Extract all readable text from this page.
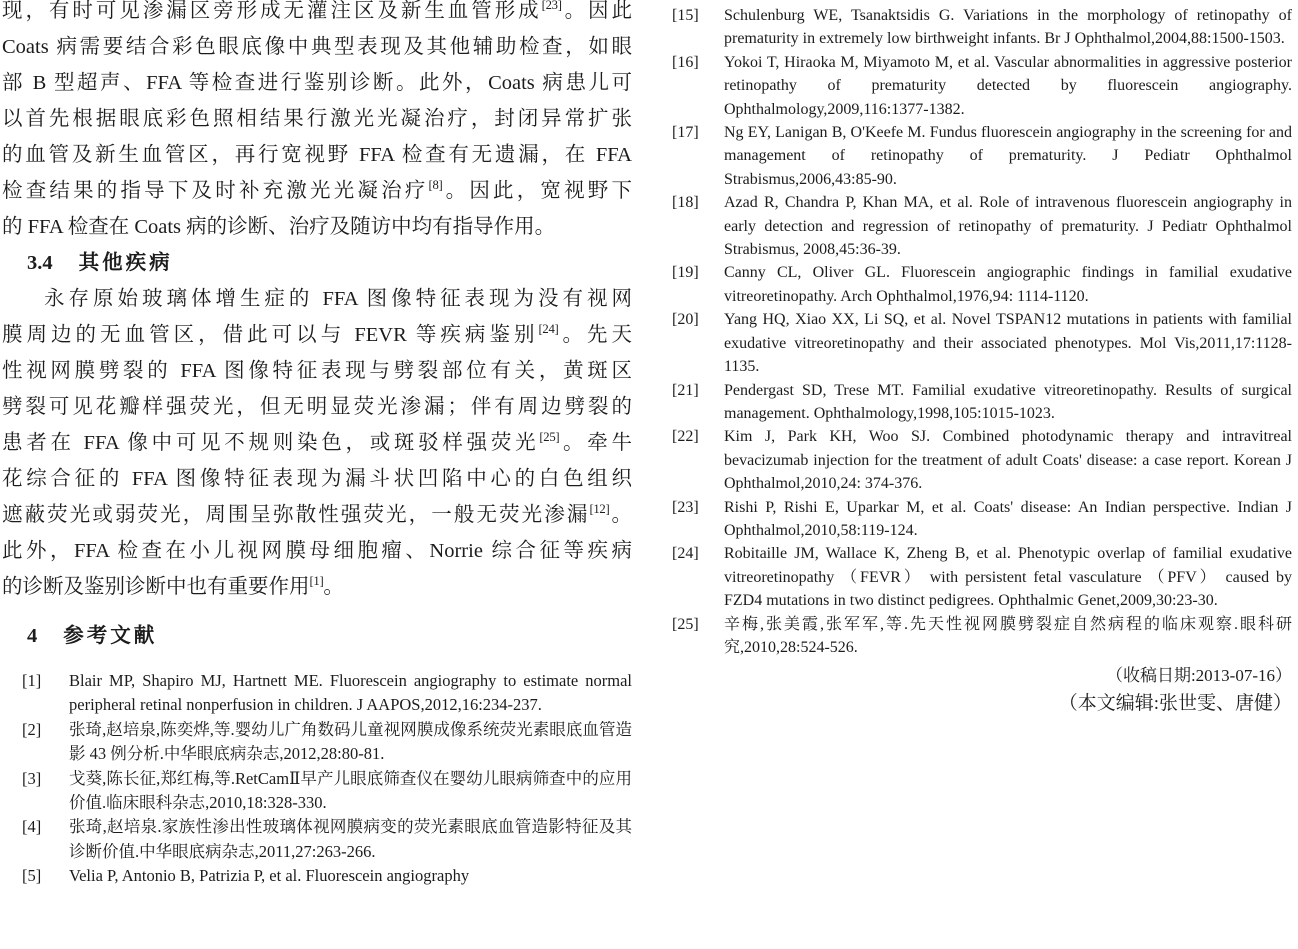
现，有时可见渗漏区旁形成无灌注区及新生血管形成[23]。因此
Coats 病需要结合彩色眼底像中典型表现及其他辅助检查，如眼
部 B 型超声、FFA 等检查进行鉴别诊断。此外，Coats 病患儿可
以首先根据眼底彩色照相结果行激光光凝治疗，封闭异常扩张
的血管及新生血管区，再行宽视野 FFA 检查有无遗漏，在 FFA
检查结果的指导下及时补充激光光凝治疗[8]。因此，宽视野下
的 FFA 检查在 Coats 病的诊断、治疗及随访中均有指导作用。
3.4 其他疾病
永存原始玻璃体增生症的 FFA 图像特征表现为没有视网
膜周边的无血管区，借此可以与 FEVR 等疾病鉴别[24]。先天
性视网膜劈裂的 FFA 图像特征表现与劈裂部位有关，黄斑区
劈裂可见花瓣样强荧光，但无明显荧光渗漏；伴有周边劈裂的
患者在 FFA 像中可见不规则染色，或斑驳样强荧光[25]。牵牛
花综合征的 FFA 图像特征表现为漏斗状凹陷中心的白色组织
遮蔽荧光或弱荧光，周围呈弥散性强荧光，一般无荧光渗漏[12]。
此外，FFA 检查在小儿视网膜母细胞瘤、Norrie 综合征等疾病
的诊断及鉴别诊断中也有重要作用[1]。
4 参考文献
[1]	Blair MP, Shapiro MJ, Hartnett ME. Fluorescein angiography to estimate normal peripheral retinal nonperfusion in children. J AAPOS,2012,16:234-237.
[2]	张琦,赵培泉,陈奕烨,等.婴幼儿广角数码儿童视网膜成像系统荧光素眼底血管造影 43 例分析.中华眼底病杂志,2012,28:80-81.
[3]	戈葵,陈长征,郑红梅,等.RetCamⅡ早产儿眼底筛查仪在婴幼儿眼病筛查中的应用价值.临床眼科杂志,2010,18:328-330.
[4]	张琦,赵培泉.家族性渗出性玻璃体视网膜病变的荧光素眼底血管造影特征及其诊断价值.中华眼底病杂志,2011,27:263-266.
[5]	Velia P, Antonio B, Patrizia P, et al. Fluorescein angiography
[15]	Schulenburg WE, Tsanaktsidis G. Variations in the morphology of retinopathy of prematurity in extremely low birthweight infants. Br J Ophthalmol,2004,88:1500-1503.
[16]	Yokoi T, Hiraoka M, Miyamoto M, et al. Vascular abnormalities in aggressive posterior retinopathy of prematurity detected by fluorescein angiography. Ophthalmology,2009,116:1377-1382.
[17]	Ng EY, Lanigan B, O'Keefe M. Fundus fluorescein angiography in the screening for and management of retinopathy of prematurity. J Pediatr Ophthalmol Strabismus,2006,43:85-90.
[18]	Azad R, Chandra P, Khan MA, et al. Role of intravenous fluorescein angiography in early detection and regression of retinopathy of prematurity. J Pediatr Ophthalmol Strabismus, 2008,45:36-39.
[19]	Canny CL, Oliver GL. Fluorescein angiographic findings in familial exudative vitreoretinopathy. Arch Ophthalmol,1976,94: 1114-1120.
[20]	Yang HQ, Xiao XX, Li SQ, et al. Novel TSPAN12 mutations in patients with familial exudative vitreoretinopathy and their associated phenotypes. Mol Vis,2011,17:1128-1135.
[21]	Pendergast SD, Trese MT. Familial exudative vitreoretinopathy. Results of surgical management. Ophthalmology,1998,105:1015-1023.
[22]	Kim J, Park KH, Woo SJ. Combined photodynamic therapy and intravitreal bevacizumab injection for the treatment of adult Coats' disease: a case report. Korean J Ophthalmol,2010,24: 374-376.
[23]	Rishi P, Rishi E, Uparkar M, et al. Coats' disease: An Indian perspective. Indian J Ophthalmol,2010,58:119-124.
[24]	Robitaille JM, Wallace K, Zheng B, et al. Phenotypic overlap of familial exudative vitreoretinopathy （FEVR） with persistent fetal vasculature （PFV） caused by FZD4 mutations in two distinct pedigrees. Ophthalmic Genet,2009,30:23-30.
[25]	辛梅,张美霞,张军军,等.先天性视网膜劈裂症自然病程的临床观察.眼科研究,2010,28:524-526.
（收稿日期:2013-07-16）
（本文编辑:张世雯、唐健）
